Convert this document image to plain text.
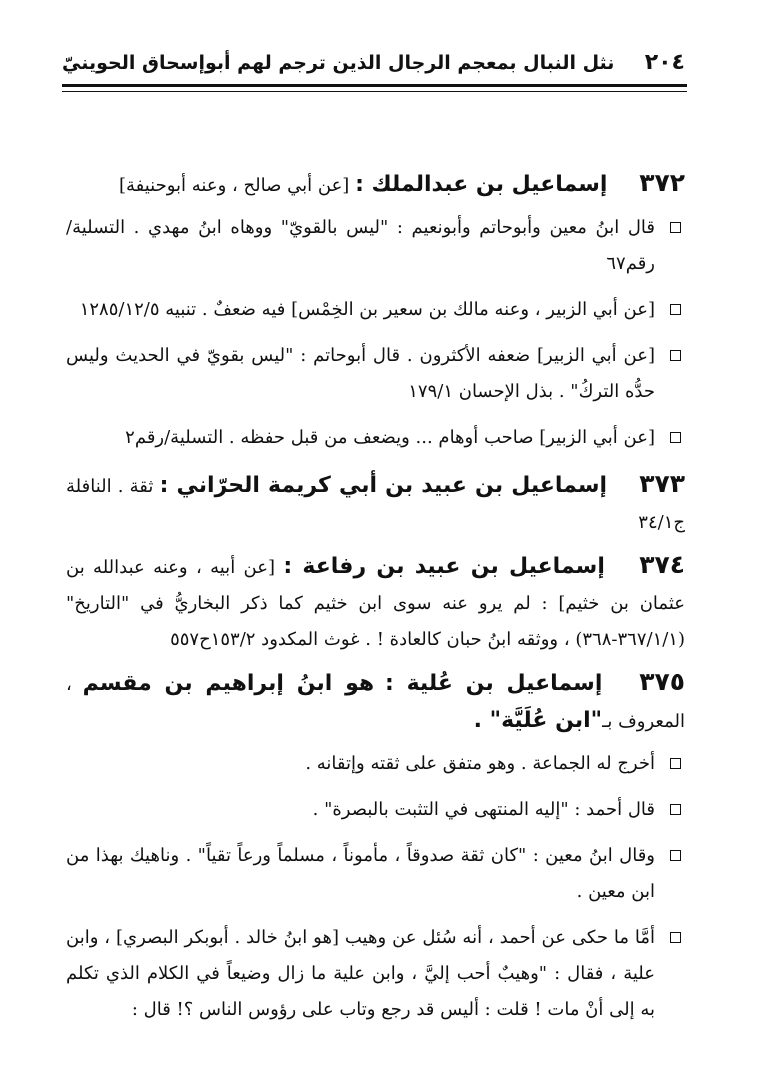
٢٠٤
نثل النبال بمعجم الرجال الذين ترجم لهم أبوإسحاق الحوينيّ

٣٧٢ إسماعيل بن عبدالملك : [عن أبي صالح ، وعنه أبوحنيفة]

قال ابنُ معين وأبوحاتم وأبونعيم : "ليس بالقويّ" ووهاه ابنُ مهدي . التسلية/رقم٦٧

[عن أبي الزبير ، وعنه مالك بن سعير بن الخِمْس] فيه ضعفٌ . تنبيه ١٢٨٥/١٢/٥

[عن أبي الزبير] ضعفه الأكثرون . قال أبوحاتم : "ليس بقويّ في الحديث وليس حدُّه التركُ" . بذل الإحسان ١٧٩/١

[عن أبي الزبير] صاحب أوهام ... ويضعف من قبل حفظه . التسلية/رقم٢

٣٧٣ إسماعيل بن عبيد بن أبي كريمة الحرّاني : ثقة . النافلة ج٣٤/١

٣٧٤ إسماعيل بن عبيد بن رفاعة : [عن أبيه ، وعنه عبدالله بن عثمان بن خثيم] : لم يرو عنه سوى ابن خثيم كما ذكر البخاريُّ في "التاريخ" (٣٦٧/١/١-٣٦٨) ، ووثقه ابنُ حبان كالعادة ! . غوث المكدود ١٥٣/٢ح٥٥٧

٣٧٥ إسماعيل بن عُلية : هو ابنُ إبراهيم بن مقسم ، المعروف بـ"ابن عُلَيَّة" .

أخرج له الجماعة . وهو متفق على ثقته وإتقانه .

قال أحمد : "إليه المنتهى في التثبت بالبصرة" .

وقال ابنُ معين : "كان ثقة صدوقاً ، مأموناً ، مسلماً ورعاً تقياً" . وناهيك بهذا من ابن معين .

أمَّا ما حكى عن أحمد ، أنه سُئل عن وهيب [هو ابنُ خالد . أبوبكر البصري] ، وابن علية ، فقال : "وهيبٌ أحب إليَّ ، وابن علية ما زال وضيعاً في الكلام الذي تكلم به إلى أنْ مات ! قلت : أليس قد رجع وتاب على رؤوس الناس ؟! قال :
